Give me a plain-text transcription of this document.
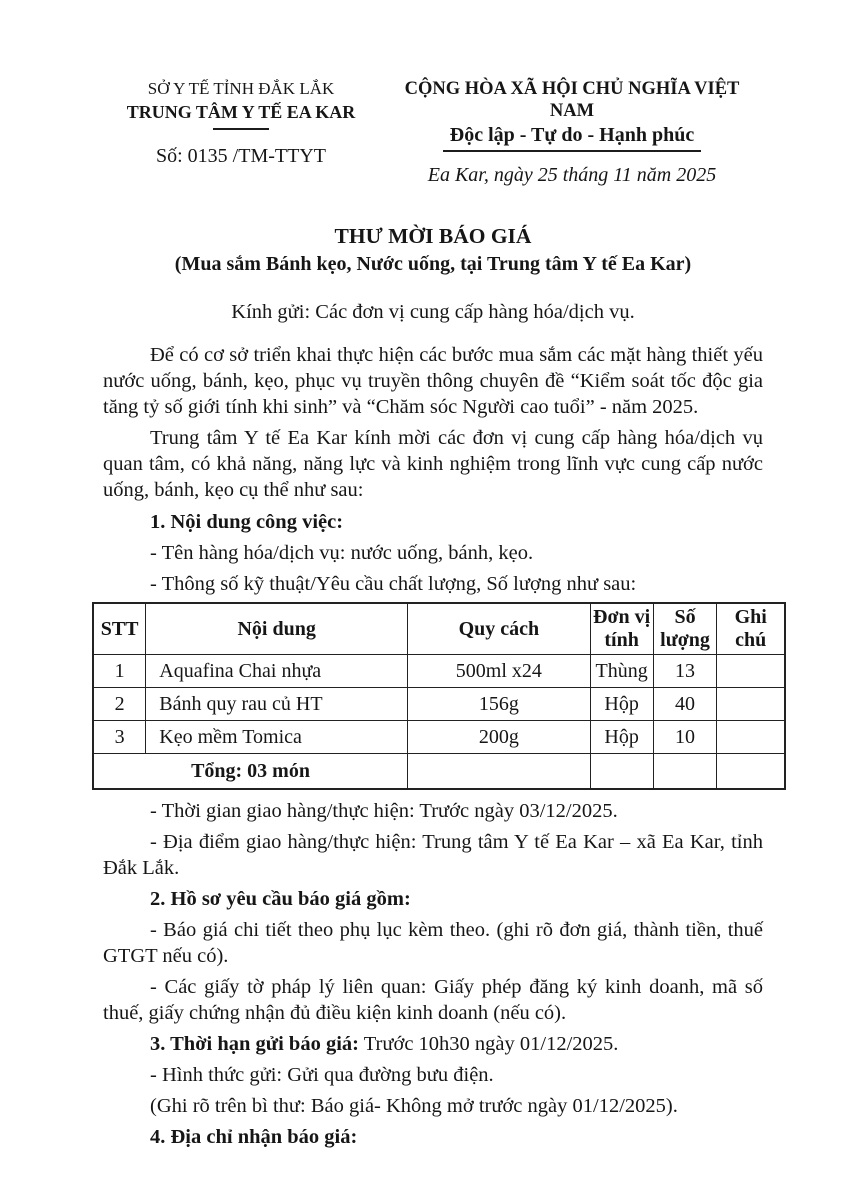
SỞ Y TẾ TỈNH ĐẮK LẮK
TRUNG TÂM Y TẾ EA KAR
Số: 0135 /TM-TTYT
CỘNG HÒA XÃ HỘI CHỦ NGHĨA VIỆT NAM
Độc lập - Tự do - Hạnh phúc
Ea Kar, ngày 25 tháng 11 năm 2025
THƯ MỜI BÁO GIÁ
(Mua sắm Bánh kẹo, Nước uống, tại Trung tâm Y tế Ea Kar)
Kính gửi: Các đơn vị cung cấp hàng hóa/dịch vụ.

Để có cơ sở triển khai thực hiện các bước mua sắm các mặt hàng thiết yếu nước uống, bánh, kẹo, phục vụ truyền thông chuyên đề “Kiểm soát tốc độc gia tăng tỷ số giới tính khi sinh” và “Chăm sóc Người cao tuổi” - năm 2025.

Trung tâm Y tế Ea Kar kính mời các đơn vị cung cấp hàng hóa/dịch vụ quan tâm, có khả năng, năng lực và kinh nghiệm trong lĩnh vực cung cấp nước uống, bánh, kẹo cụ thể như sau:

1. Nội dung công việc:

- Tên hàng hóa/dịch vụ: nước uống, bánh, kẹo.

- Thông số kỹ thuật/Yêu cầu chất lượng, Số lượng như sau:

STT	Nội dung	Quy cách	Đơn vị tính	Số lượng	Ghi chú
1	Aquafina Chai nhựa	500ml x24	Thùng	13	
2	Bánh quy rau củ HT	156g	Hộp	40	
3	Kẹo mềm Tomica	200g	Hộp	10	
Tổng: 03 món					

- Thời gian giao hàng/thực hiện: Trước ngày 03/12/2025.

- Địa điểm giao hàng/thực hiện: Trung tâm Y tế Ea Kar – xã Ea Kar, tỉnh Đắk Lắk.

2. Hồ sơ yêu cầu báo giá gồm:

- Báo giá chi tiết theo phụ lục kèm theo. (ghi rõ đơn giá, thành tiền, thuế GTGT nếu có).

- Các giấy tờ pháp lý liên quan: Giấy phép đăng ký kinh doanh, mã số thuế, giấy chứng nhận đủ điều kiện kinh doanh (nếu có).

3. Thời hạn gửi báo giá: Trước 10h30 ngày 01/12/2025.

- Hình thức gửi: Gửi qua đường bưu điện.

(Ghi rõ trên bì thư: Báo giá- Không mở trước ngày 01/12/2025).

4. Địa chỉ nhận báo giá:
